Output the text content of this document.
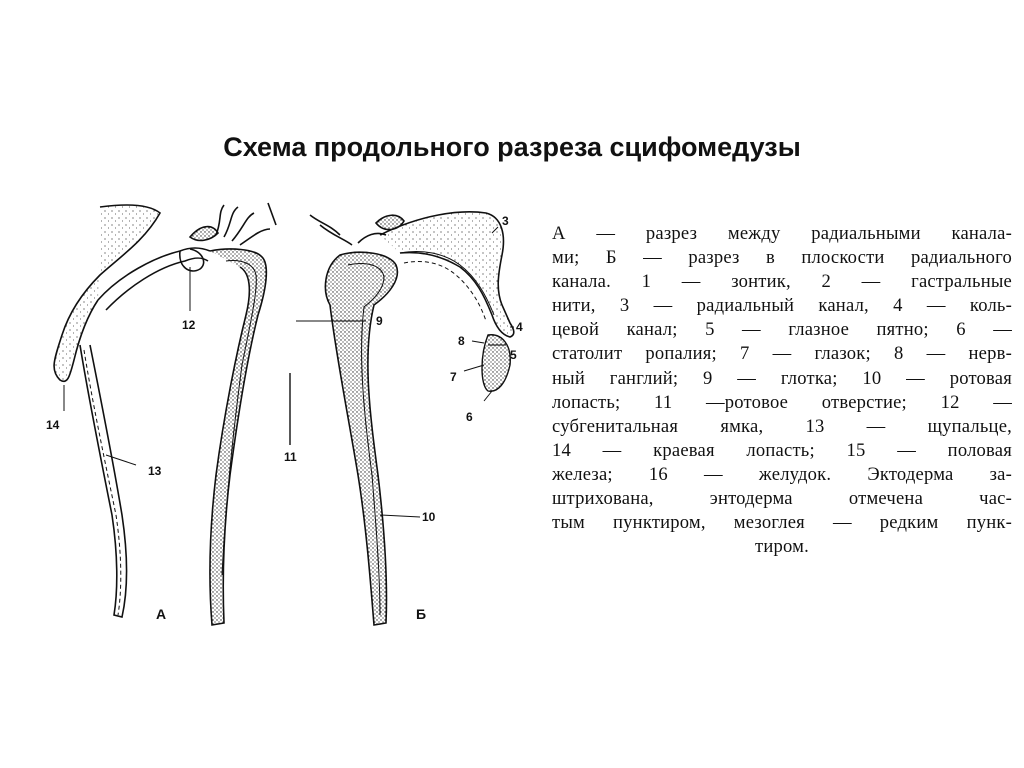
Схема продольного разреза сцифомедузы
12
14
13
9
11
10
3
4
5
8
7
6
А	Б
А — разрез между радиальными канала-
ми; Б — разрез в плоскости радиального
канала. 1 — зонтик, 2 — гастральные
нити, 3 — радиальный канал, 4 — коль-
цевой канал; 5 — глазное пятно; 6 —
статолит ропалия; 7 — глазок; 8 — нерв-
ный ганглий; 9 — глотка; 10 — ротовая
лопасть; 11 —ротовое отверстие; 12 —
субгенитальная ямка, 13 — щупальце,
14 — краевая лопасть; 15 — половая
железа; 16 — желудок. Эктодерма за-
штрихована, энтодерма отмечена час-
тым пунктиром, мезоглея — редким пунк-
тиром.
